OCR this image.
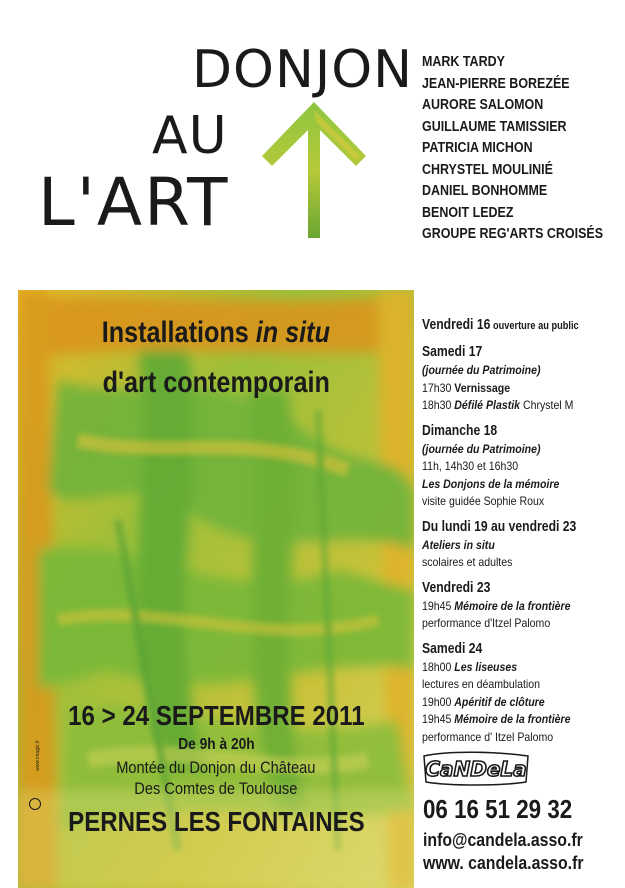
DONJON
AU
L'ART
MARK TARDY
JEAN-PIERRE BOREZÉE
AURORE SALOMON
GUILLAUME TAMISSIER
PATRICIA MICHON
CHRYSTEL MOULINIÉ
DANIEL BONHOMME
BENOIT LEDEZ
GROUPE REG'ARTS CROISÉS
Installations in situ
d'art contemporain
16 > 24 SEPTEMBRE 2011
De 9h à 20h
Montée du Donjon du Château
Des Comtes de Toulouse
PERNES LES FONTAINES
www.imagic.fr
Vendredi 16 ouverture au public
Samedi 17
(journée du Patrimoine)
17h30 Vernissage
18h30 Défilé Plastik Chrystel M
Dimanche 18
(journée du Patrimoine)
11h, 14h30 et 16h30
Les Donjons de la mémoire
visite guidée Sophie Roux
Du lundi 19 au vendredi 23
Ateliers in situ
scolaires et adultes
Vendredi 23
19h45 Mémoire de la frontière
performance d'Itzel Palomo
Samedi 24
18h00 Les liseuses
lectures en déambulation
19h00 Apéritif de clôture
19h45 Mémoire de la frontière
performance d' Itzel Palomo
CaNDeLa
06 16 51 29 32
info@candela.asso.fr
www. candela.asso.fr
